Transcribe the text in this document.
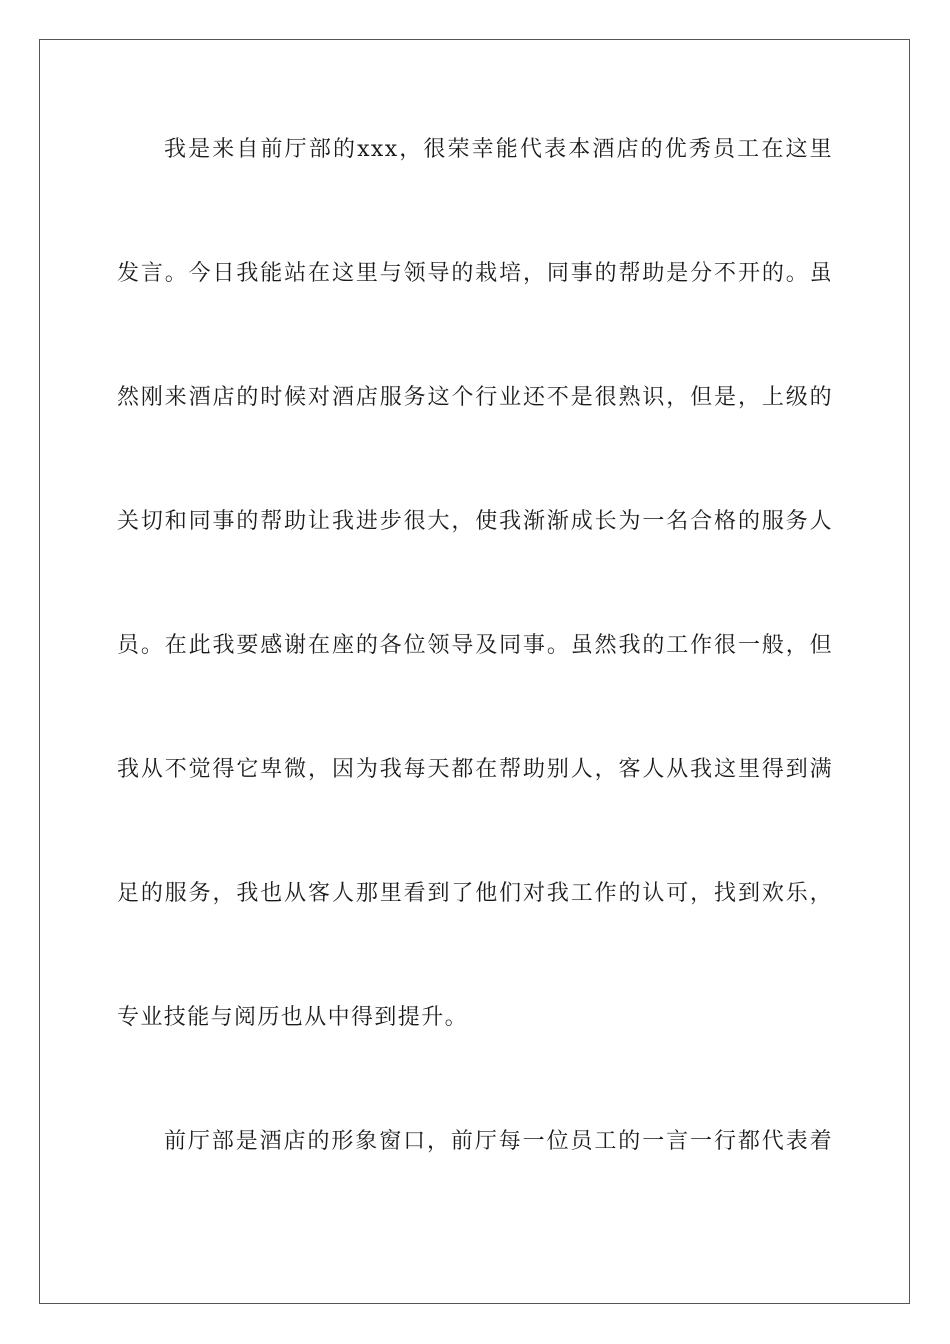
我是来自前厅部的xxx，很荣幸能代表本酒店的优秀员工在这里
发言。今日我能站在这里与领导的栽培，同事的帮助是分不开的。虽
然刚来酒店的时候对酒店服务这个行业还不是很熟识，但是，上级的
关切和同事的帮助让我进步很大，使我渐渐成长为一名合格的服务人
员。在此我要感谢在座的各位领导及同事。虽然我的工作很一般，但
我从不觉得它卑微，因为我每天都在帮助别人，客人从我这里得到满
足的服务，我也从客人那里看到了他们对我工作的认可，找到欢乐，
专业技能与阅历也从中得到提升。
前厅部是酒店的形象窗口，前厅每一位员工的一言一行都代表着
